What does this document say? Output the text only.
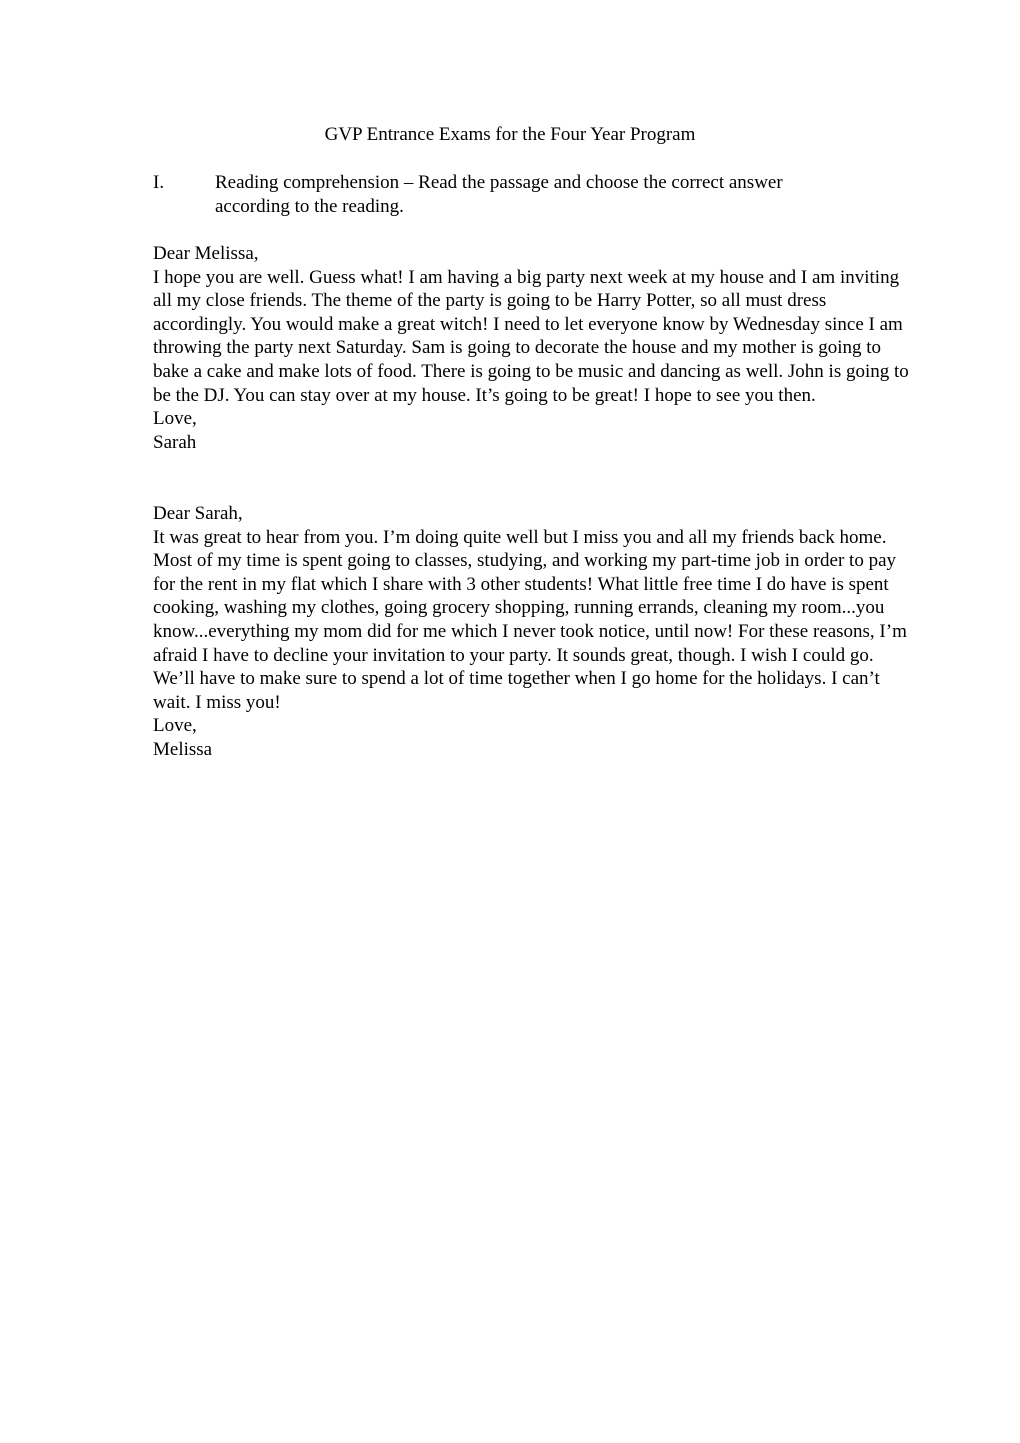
GVP Entrance Exams for the Four Year Program
I.	Reading comprehension – Read the passage and choose the correct answer according to the reading.

Dear Melissa,

I hope you are well. Guess what! I am having a big party next week at my house and I am inviting all my close friends. The theme of the party is going to be Harry Potter, so all must dress accordingly. You would make a great witch! I need to let everyone know by Wednesday since I am throwing the party next Saturday. Sam is going to decorate the house and my mother is going to bake a cake and make lots of food. There is going to be music and dancing as well. John is going to be the DJ. You can stay over at my house. It’s going to be great! I hope to see you then.

Love,

Sarah

Dear Sarah,

It was great to hear from you. I’m doing quite well but I miss you and all my friends back home. Most of my time is spent going to classes, studying, and working my part-time job in order to pay for the rent in my flat which I share with 3 other students! What little free time I do have is spent cooking, washing my clothes, going grocery shopping, running errands, cleaning my room...you know...everything my mom did for me which I never took notice, until now! For these reasons, I’m afraid I have to decline your invitation to your party. It sounds great, though. I wish I could go. We’ll have to make sure to spend a lot of time together when I go home for the holidays. I can’t wait. I miss you!

Love,

Melissa
